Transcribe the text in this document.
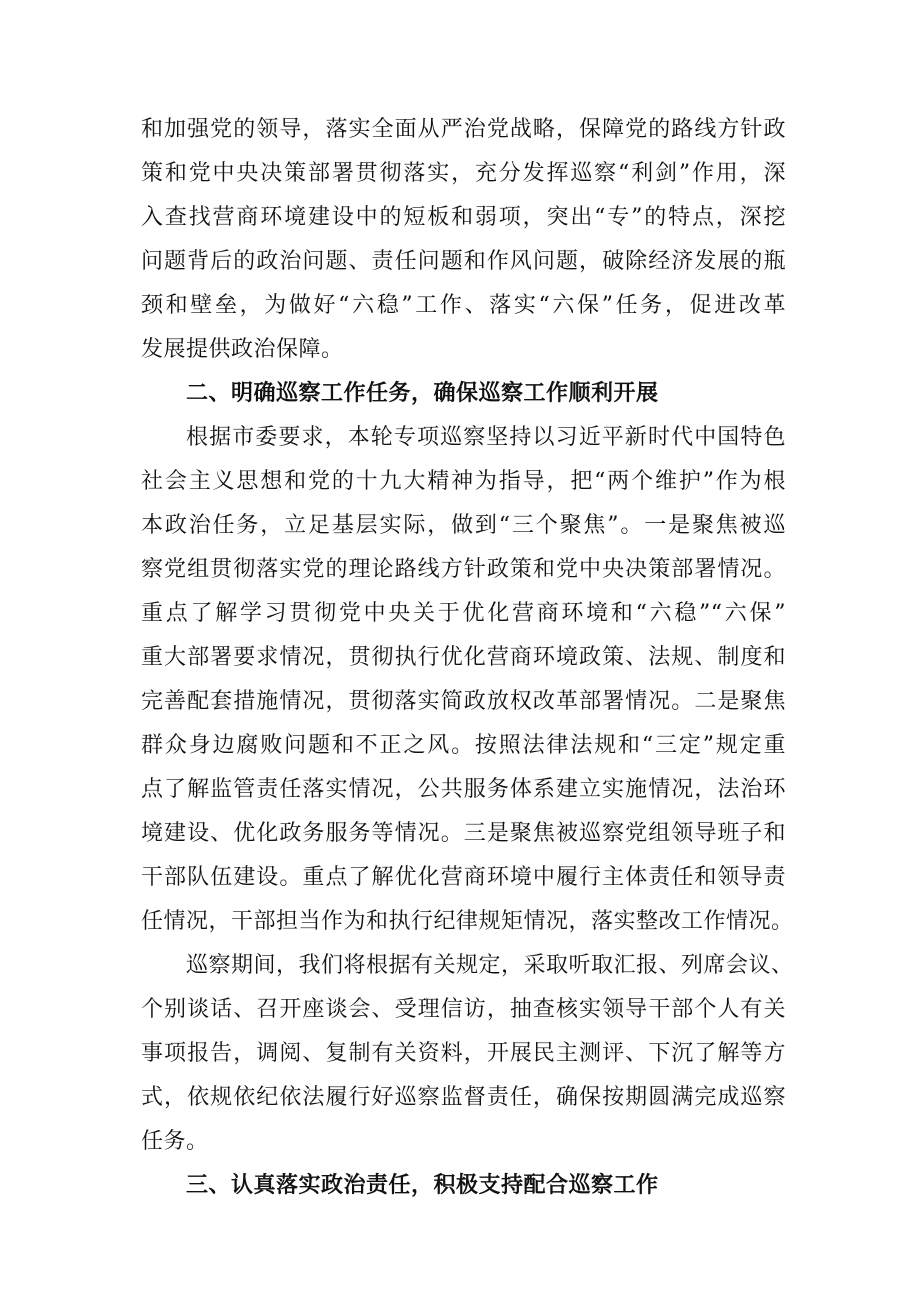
和加强党的领导，落实全面从严治党战略，保障党的路线方针政
策和党中央决策部署贯彻落实，充分发挥巡察“利剑”作用，深
入查找营商环境建设中的短板和弱项，突出“专”的特点，深挖
问题背后的政治问题、责任问题和作风问题，破除经济发展的瓶
颈和壁垒，为做好“六稳”工作、落实“六保”任务，促进改革
发展提供政治保障。
二、明确巡察工作任务，确保巡察工作顺利开展
根据市委要求，本轮专项巡察坚持以习近平新时代中国特色
社会主义思想和党的十九大精神为指导，把“两个维护”作为根
本政治任务，立足基层实际，做到“三个聚焦”。一是聚焦被巡
察党组贯彻落实党的理论路线方针政策和党中央决策部署情况。
重点了解学习贯彻党中央关于优化营商环境和“六稳”“六保”
重大部署要求情况，贯彻执行优化营商环境政策、法规、制度和
完善配套措施情况，贯彻落实简政放权改革部署情况。二是聚焦
群众身边腐败问题和不正之风。按照法律法规和“三定”规定重
点了解监管责任落实情况，公共服务体系建立实施情况，法治环
境建设、优化政务服务等情况。三是聚焦被巡察党组领导班子和
干部队伍建设。重点了解优化营商环境中履行主体责任和领导责
任情况，干部担当作为和执行纪律规矩情况，落实整改工作情况。
巡察期间，我们将根据有关规定，采取听取汇报、列席会议、
个别谈话、召开座谈会、受理信访，抽查核实领导干部个人有关
事项报告，调阅、复制有关资料，开展民主测评、下沉了解等方
式，依规依纪依法履行好巡察监督责任，确保按期圆满完成巡察
任务。
三、认真落实政治责任，积极支持配合巡察工作
